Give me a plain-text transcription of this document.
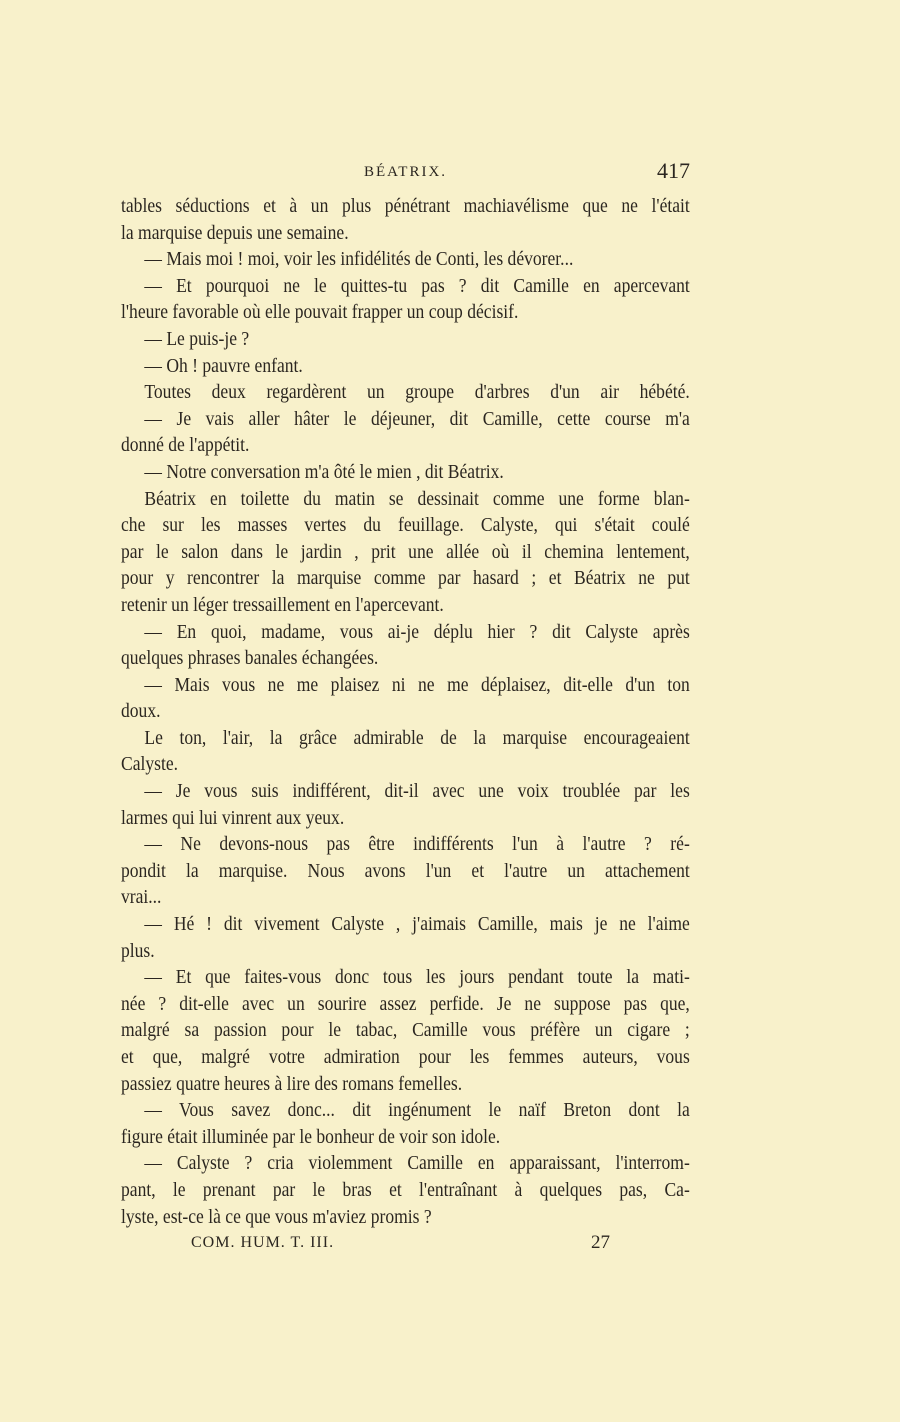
BÉATRIX.	417
tables séductions et à un plus pénétrant machiavélisme que ne l'était
la marquise depuis une semaine.
— Mais moi ! moi, voir les infidélités de Conti, les dévorer...
— Et pourquoi ne le quittes-tu pas ? dit Camille en apercevant
l'heure favorable où elle pouvait frapper un coup décisif.
— Le puis-je ?
— Oh ! pauvre enfant.
Toutes deux regardèrent un groupe d'arbres d'un air hébété.
— Je vais aller hâter le déjeuner, dit Camille, cette course m'a
donné de l'appétit.
— Notre conversation m'a ôté le mien , dit Béatrix.
Béatrix en toilette du matin se dessinait comme une forme blan-
che sur les masses vertes du feuillage. Calyste, qui s'était coulé
par le salon dans le jardin , prit une allée où il chemina lentement,
pour y rencontrer la marquise comme par hasard ; et Béatrix ne put
retenir un léger tressaillement en l'apercevant.
— En quoi, madame, vous ai-je déplu hier ? dit Calyste après
quelques phrases banales échangées.
— Mais vous ne me plaisez ni ne me déplaisez, dit-elle d'un ton
doux.
Le ton, l'air, la grâce admirable de la marquise encourageaient
Calyste.
— Je vous suis indifférent, dit-il avec une voix troublée par les
larmes qui lui vinrent aux yeux.
— Ne devons-nous pas être indifférents l'un à l'autre ? ré-
pondit la marquise. Nous avons l'un et l'autre un attachement
vrai...
— Hé ! dit vivement Calyste , j'aimais Camille, mais je ne l'aime
plus.
— Et que faites-vous donc tous les jours pendant toute la mati-
née ? dit-elle avec un sourire assez perfide. Je ne suppose pas que,
malgré sa passion pour le tabac, Camille vous préfère un cigare ;
et que, malgré votre admiration pour les femmes auteurs, vous
passiez quatre heures à lire des romans femelles.
— Vous savez donc... dit ingénument le naïf Breton dont la
figure était illuminée par le bonheur de voir son idole.
— Calyste ? cria violemment Camille en apparaissant, l'interrom-
pant, le prenant par le bras et l'entraînant à quelques pas, Ca-
lyste, est-ce là ce que vous m'aviez promis ?
COM. HUM. T. III.	27
